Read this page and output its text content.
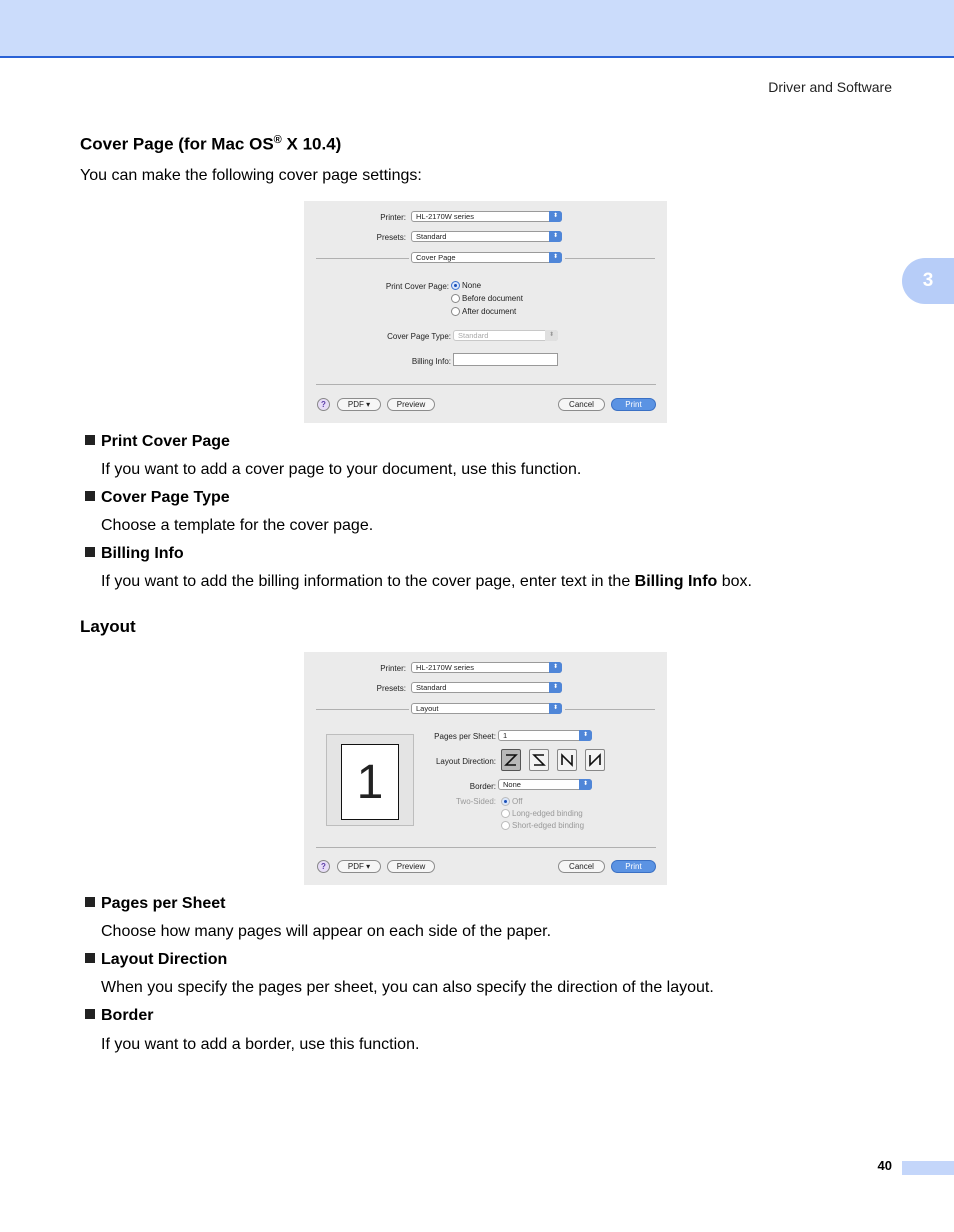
Driver and Software
3
Cover Page (for Mac OS® X 10.4)
You can make the following cover page settings:
Printer:	HL-2170W series	⬍
Presets:	Standard	⬍
Cover Page	⬍
Print Cover Page:	None
Before document
After document
Cover Page Type: Standard	⬍
Billing Info:
?	PDF ▾	Preview	Cancel	Print
Print Cover Page
If you want to add a cover page to your document, use this function.
Cover Page Type
Choose a template for the cover page.
Billing Info
If you want to add the billing information to the cover page, enter text in the Billing Info box.
Layout
Printer:	HL-2170W series	⬍
Presets:	Standard	⬍
Layout	⬍
1
Pages per Sheet: 1	⬍
Layout Direction:
Border: None	⬍
Two-Sided:	Off
Long-edged binding
Short-edged binding
?	PDF ▾	Preview	Cancel	Print
Pages per Sheet
Choose how many pages will appear on each side of the paper.
Layout Direction
When you specify the pages per sheet, you can also specify the direction of the layout.
Border
If you want to add a border, use this function.
40
